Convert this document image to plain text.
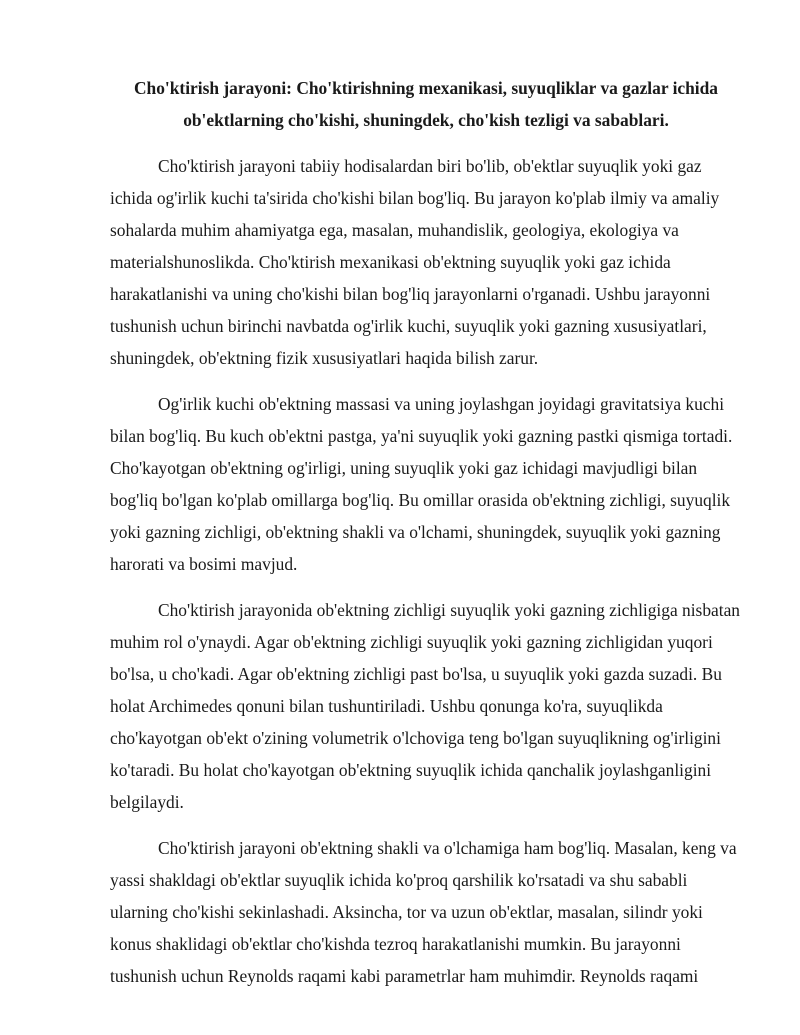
Cho'ktirish jarayoni: Cho'ktirishning mexanikasi, suyuqliklar va gazlar ichida ob'ektlarning cho'kishi, shuningdek, cho'kish tezligi va sabablari.

Cho'ktirish jarayoni tabiiy hodisalardan biri bo'lib, ob'ektlar suyuqlik yoki gaz ichida og'irlik kuchi ta'sirida cho'kishi bilan bog'liq. Bu jarayon ko'plab ilmiy va amaliy sohalarda muhim ahamiyatga ega, masalan, muhandislik, geologiya, ekologiya va materialshunoslikda. Cho'ktirish mexanikasi ob'ektning suyuqlik yoki gaz ichida harakatlanishi va uning cho'kishi bilan bog'liq jarayonlarni o'rganadi. Ushbu jarayonni tushunish uchun birinchi navbatda og'irlik kuchi, suyuqlik yoki gazning xususiyatlari, shuningdek, ob'ektning fizik xususiyatlari haqida bilish zarur.

Og'irlik kuchi ob'ektning massasi va uning joylashgan joyidagi gravitatsiya kuchi bilan bog'liq. Bu kuch ob'ektni pastga, ya'ni suyuqlik yoki gazning pastki qismiga tortadi. Cho'kayotgan ob'ektning og'irligi, uning suyuqlik yoki gaz ichidagi mavjudligi bilan bog'liq bo'lgan ko'plab omillarga bog'liq. Bu omillar orasida ob'ektning zichligi, suyuqlik yoki gazning zichligi, ob'ektning shakli va o'lchami, shuningdek, suyuqlik yoki gazning harorati va bosimi mavjud.

Cho'ktirish jarayonida ob'ektning zichligi suyuqlik yoki gazning zichligiga nisbatan muhim rol o'ynaydi. Agar ob'ektning zichligi suyuqlik yoki gazning zichligidan yuqori bo'lsa, u cho'kadi. Agar ob'ektning zichligi past bo'lsa, u suyuqlik yoki gazda suzadi. Bu holat Archimedes qonuni bilan tushuntiriladi. Ushbu qonunga ko'ra, suyuqlikda cho'kayotgan ob'ekt o'zining volumetrik o'lchoviga teng bo'lgan suyuqlikning og'irligini ko'taradi. Bu holat cho'kayotgan ob'ektning suyuqlik ichida qanchalik joylashganligini belgilaydi.

Cho'ktirish jarayoni ob'ektning shakli va o'lchamiga ham bog'liq. Masalan, keng va yassi shakldagi ob'ektlar suyuqlik ichida ko'proq qarshilik ko'rsatadi va shu sababli ularning cho'kishi sekinlashadi. Aksincha, tor va uzun ob'ektlar, masalan, silindr yoki konus shaklidagi ob'ektlar cho'kishda tezroq harakatlanishi mumkin. Bu jarayonni tushunish uchun Reynolds raqami kabi parametrlar ham muhimdir. Reynolds raqami
